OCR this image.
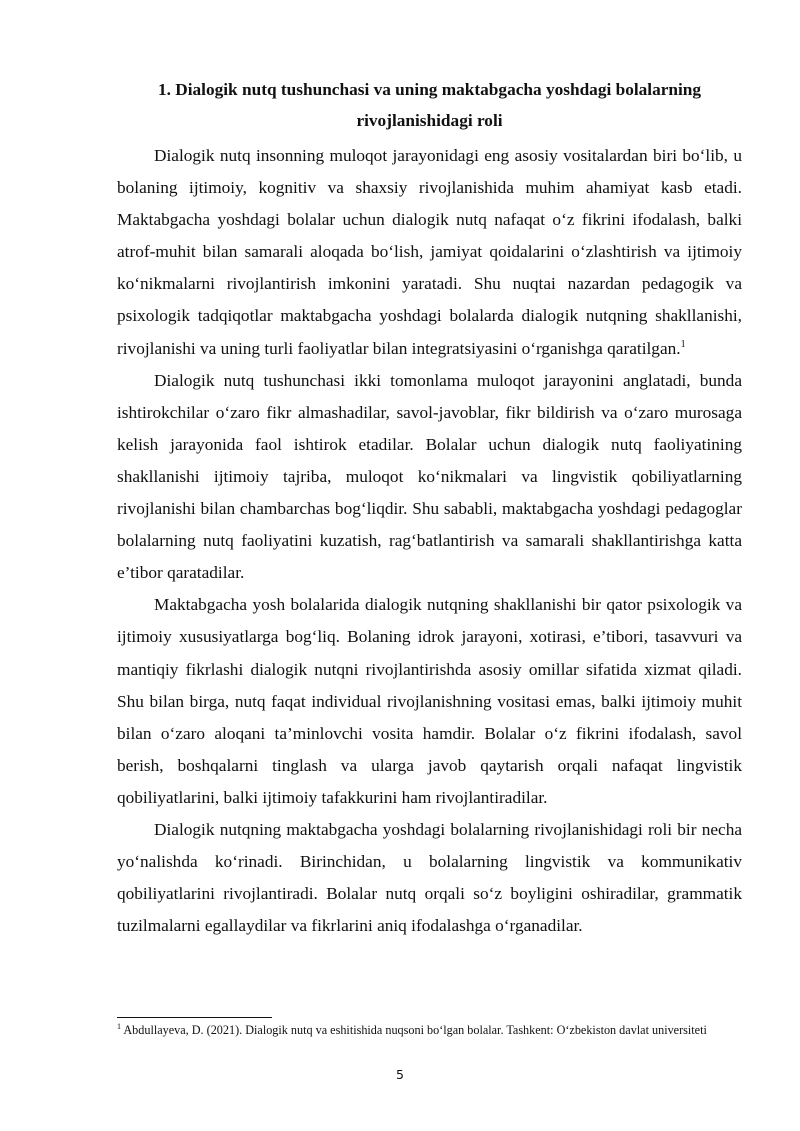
1. Dialogik nutq tushunchasi va uning maktabgacha yoshdagi bolalarning
rivojlanishidagi roli

Dialogik nutq insonning muloqot jarayonidagi eng asosiy vositalardan biri bo‘lib, u bolaning ijtimoiy, kognitiv va shaxsiy rivojlanishida muhim ahamiyat kasb etadi. Maktabgacha yoshdagi bolalar uchun dialogik nutq nafaqat o‘z fikrini ifodalash, balki atrof-muhit bilan samarali aloqada bo‘lish, jamiyat qoidalarini o‘zlashtirish va ijtimoiy ko‘nikmalarni rivojlantirish imkonini yaratadi. Shu nuqtai nazardan pedagogik va psixologik tadqiqotlar maktabgacha yoshdagi bolalarda dialogik nutqning shakllanishi, rivojlanishi va uning turli faoliyatlar bilan integratsiyasini o‘rganishga qaratilgan.$^1$

Dialogik nutq tushunchasi ikki tomonlama muloqot jarayonini anglatadi, bunda ishtirokchilar o‘zaro fikr almashadilar, savol-javoblar, fikr bildirish va o‘zaro murosaga kelish jarayonida faol ishtirok etadilar. Bolalar uchun dialogik nutq faoliyatining shakllanishi ijtimoiy tajriba, muloqot ko‘nikmalari va lingvistik qobiliyatlarning rivojlanishi bilan chambarchas bog‘liqdir. Shu sababli, maktabgacha yoshdagi pedagoglar bolalarning nutq faoliyatini kuzatish, rag‘batlantirish va samarali shakllantirishga katta e’tibor qaratadilar.

Maktabgacha yosh bolalarida dialogik nutqning shakllanishi bir qator psixologik va ijtimoiy xususiyatlarga bog‘liq. Bolaning idrok jarayoni, xotirasi, e’tibori, tasavvuri va mantiqiy fikrlashi dialogik nutqni rivojlantirishda asosiy omillar sifatida xizmat qiladi. Shu bilan birga, nutq faqat individual rivojlanishning vositasi emas, balki ijtimoiy muhit bilan o‘zaro aloqani ta’minlovchi vosita hamdir. Bolalar o‘z fikrini ifodalash, savol berish, boshqalarni tinglash va ularga javob qaytarish orqali nafaqat lingvistik qobiliyatlarini, balki ijtimoiy tafakkurini ham rivojlantiradilar.

Dialogik nutqning maktabgacha yoshdagi bolalarning rivojlanishidagi roli bir necha yo‘nalishda ko‘rinadi. Birinchidan, u bolalarning lingvistik va kommunikativ qobiliyatlarini rivojlantiradi. Bolalar nutq orqali so‘z boyligini oshiradilar, grammatik tuzilmalarni egallaydilar va fikrlarini aniq ifodalashga o‘rganadilar.

$^1$ Abdullayeva, D. (2021). Dialogik nutq va eshitishida nuqsoni bo‘lgan bolalar. Tashkent: O‘zbekiston davlat universiteti

5
